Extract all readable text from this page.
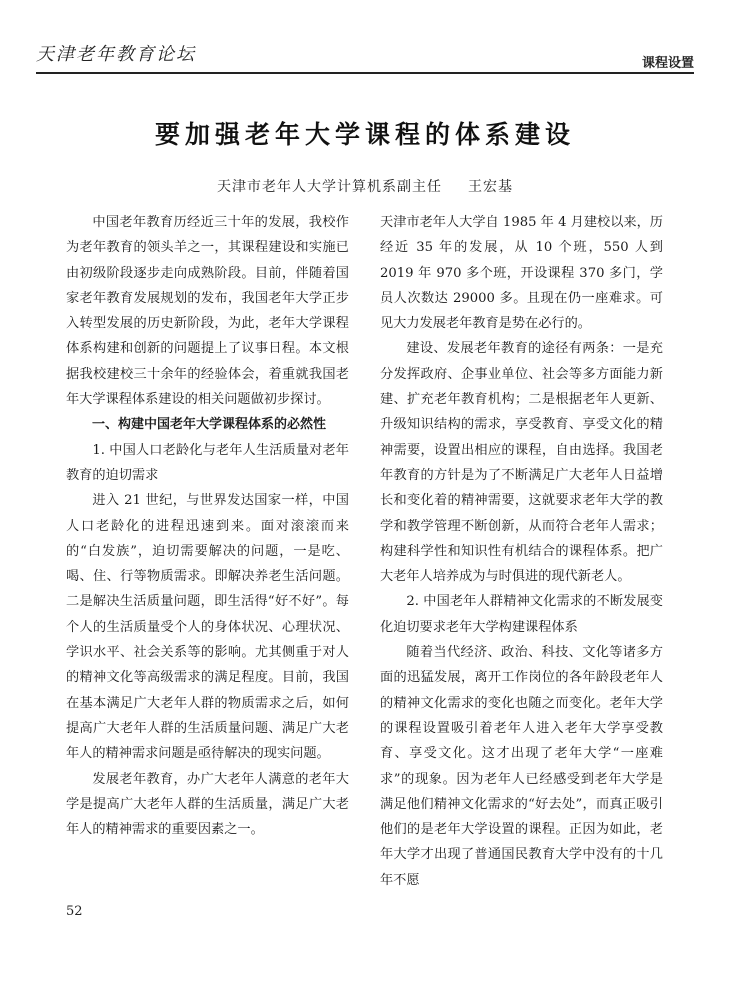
天津老年教育论坛	课程设置
要加强老年大学课程的体系建设
天津市老年人大学计算机系副主任 王宏基

中国老年教育历经近三十年的发展，我校作为老年教育的领头羊之一，其课程建设和实施已由初级阶段逐步走向成熟阶段。目前，伴随着国家老年教育发展规划的发布，我国老年大学正步入转型发展的历史新阶段，为此，老年大学课程体系构建和创新的问题提上了议事日程。本文根据我校建校三十余年的经验体会，着重就我国老年大学课程体系建设的相关问题做初步探讨。

一、构建中国老年大学课程体系的必然性

1. 中国人口老龄化与老年人生活质量对老年教育的迫切需求

进入 21 世纪，与世界发达国家一样，中国人口老龄化的进程迅速到来。面对滚滚而来的“白发族”，迫切需要解决的问题，一是吃、喝、住、行等物质需求。即解决养老生活问题。二是解决生活质量问题，即生活得“好不好”。每个人的生活质量受个人的身体状况、心理状况、学识水平、社会关系等的影响。尤其侧重于对人的精神文化等高级需求的满足程度。目前，我国在基本满足广大老年人群的物质需求之后，如何提高广大老年人群的生活质量问题、满足广大老年人的精神需求问题是亟待解决的现实问题。

发展老年教育，办广大老年人满意的老年大学是提高广大老年人群的生活质量，满足广大老年人的精神需求的重要因素之一。

天津市老年人大学自 1985 年 4 月建校以来，历经近 35 年的发展，从 10 个班，550 人到 2019 年 970 多个班，开设课程 370 多门，学员人次数达 29000 多。且现在仍一座难求。可见大力发展老年教育是势在必行的。

建设、发展老年教育的途径有两条：一是充分发挥政府、企事业单位、社会等多方面能力新建、扩充老年教育机构；二是根据老年人更新、升级知识结构的需求，享受教育、享受文化的精神需要，设置出相应的课程，自由选择。我国老年教育的方针是为了不断满足广大老年人日益增长和变化着的精神需要，这就要求老年大学的教学和教学管理不断创新，从而符合老年人需求；构建科学性和知识性有机结合的课程体系。把广大老年人培养成为与时俱进的现代新老人。

2. 中国老年人群精神文化需求的不断发展变化迫切要求老年大学构建课程体系

随着当代经济、政治、科技、文化等诸多方面的迅猛发展，离开工作岗位的各年龄段老年人的精神文化需求的变化也随之而变化。老年大学的课程设置吸引着老年人进入老年大学享受教育、享受文化。这才出现了老年大学“一座难求”的现象。因为老年人已经感受到老年大学是满足他们精神文化需求的“好去处”，而真正吸引他们的是老年大学设置的课程。正因为如此，老年大学才出现了普通国民教育大学中没有的十几年不愿

52
